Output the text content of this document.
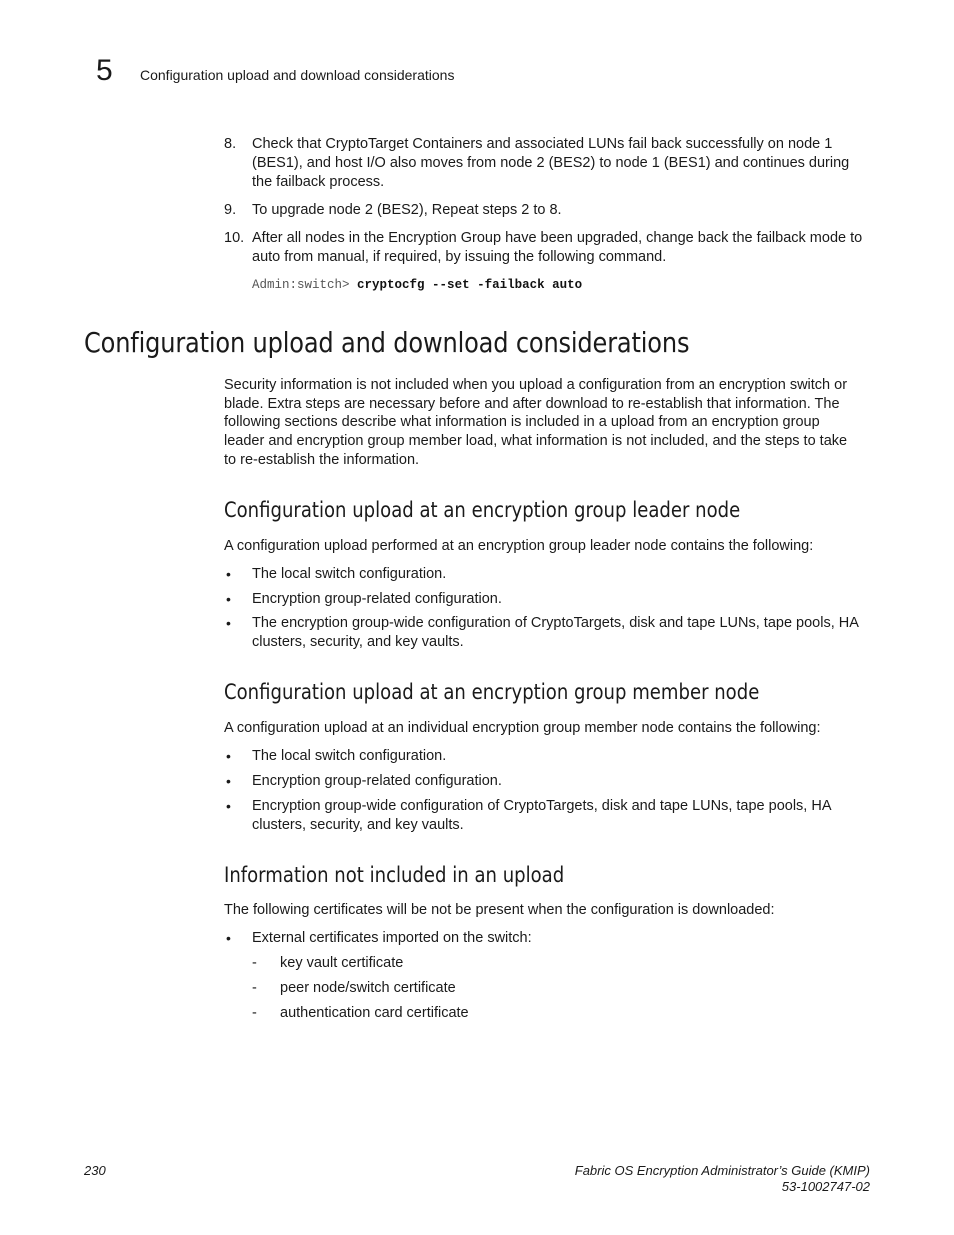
5 Configuration upload and download considerations
8.	Check that CryptoTarget Containers and associated LUNs fail back successfully on node 1
(BES1), and host I/O also moves from node 2 (BES2) to node 1 (BES1) and continues during
the failback process.
9.	To upgrade node 2 (BES2), Repeat steps 2 to 8.
10. After all nodes in the Encryption Group have been upgraded, change back the failback mode to
auto from manual, if required, by issuing the following command.
Admin:switch> cryptocfg --set -failback auto
Configuration upload and download considerations
Security information is not included when you upload a configuration from an encryption switch or
blade. Extra steps are necessary before and after download to re-establish that information. The
following sections describe what information is included in a upload from an encryption group
leader and encryption group member load, what information is not included, and the steps to take
to re-establish the information.
Configuration upload at an encryption group leader node
A configuration upload performed at an encryption group leader node contains the following:
•	The local switch configuration.
•	Encryption group-related configuration.
•	The encryption group-wide configuration of CryptoTargets, disk and tape LUNs, tape pools, HA
clusters, security, and key vaults.
Configuration upload at an encryption group member node
A configuration upload at an individual encryption group member node contains the following:
•	The local switch configuration.
•	Encryption group-related configuration.
•	Encryption group-wide configuration of CryptoTargets, disk and tape LUNs, tape pools, HA
clusters, security, and key vaults.
Information not included in an upload
The following certificates will be not be present when the configuration is downloaded:
•	External certificates imported on the switch:
-	key vault certificate
-	peer node/switch certificate
-	authentication card certificate
230	Fabric OS Encryption Administrator’s Guide (KMIP)
53-1002747-02
